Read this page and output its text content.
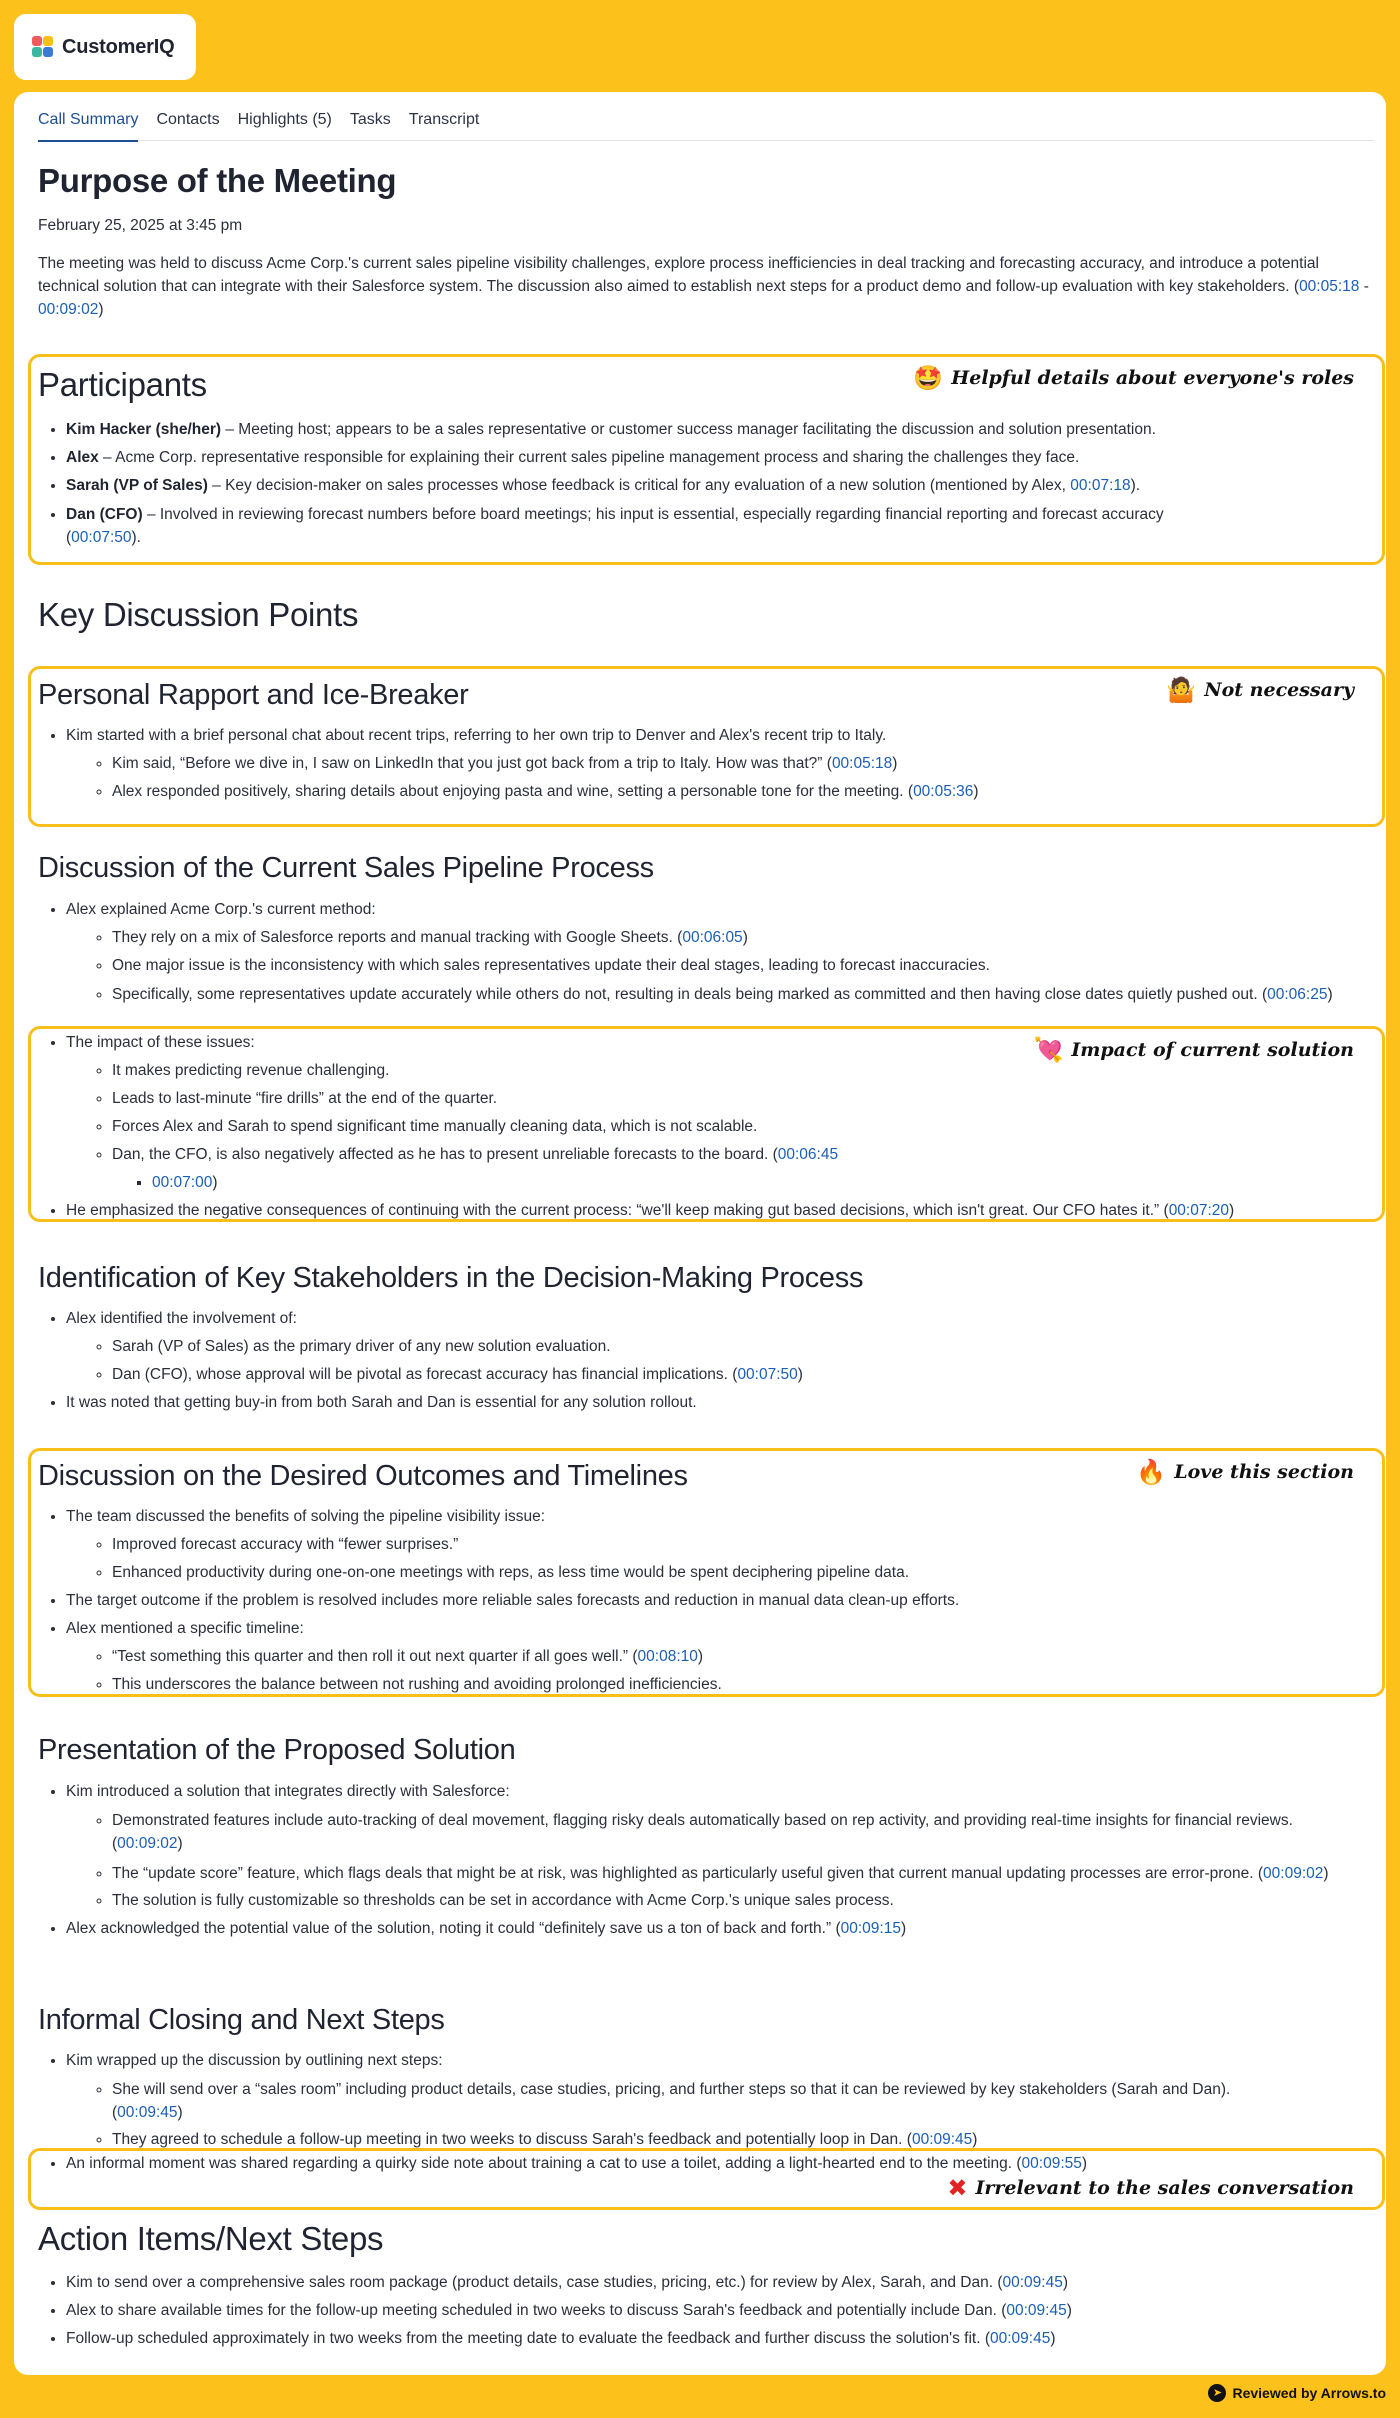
CustomerIQ
Call Summary Contacts	Highlights (5)	Tasks	Transcript
Purpose of the Meeting
February 25, 2025 at 3:45 pm
The meeting was held to discuss Acme Corp.'s current sales pipeline visibility challenges, explore process inefficiencies in deal tracking and forecasting accuracy, and introduce a potential technical solution that can integrate with their Salesforce system. The discussion also aimed to establish next steps for a product demo and follow-up evaluation with key stakeholders. (00:05:18 - 00:09:02)
🤩 Helpful details about everyone's roles
Participants
• Kim Hacker (she/her) – Meeting host; appears to be a sales representative or customer success manager facilitating the discussion and solution presentation.
• Alex – Acme Corp. representative responsible for explaining their current sales pipeline management process and sharing the challenges they face.
• Sarah (VP of Sales) – Key decision-maker on sales processes whose feedback is critical for any evaluation of a new solution (mentioned by Alex, 00:07:18).
• Dan (CFO) – Involved in reviewing forecast numbers before board meetings; his input is essential, especially regarding financial reporting and forecast accuracy
(00:07:50).
Key Discussion Points
🤷 Not necessary
Personal Rapport and Ice-Breaker
• Kim started with a brief personal chat about recent trips, referring to her own trip to Denver and Alex's recent trip to Italy.
◦ Kim said, “Before we dive in, I saw on LinkedIn that you just got back from a trip to Italy. How was that?” (00:05:18)
◦ Alex responded positively, sharing details about enjoying pasta and wine, setting a personable tone for the meeting. (00:05:36)
Discussion of the Current Sales Pipeline Process
• Alex explained Acme Corp.'s current method:
◦ They rely on a mix of Salesforce reports and manual tracking with Google Sheets. (00:06:05)
◦ One major issue is the inconsistency with which sales representatives update their deal stages, leading to forecast inaccuracies.
◦ Specifically, some representatives update accurately while others do not, resulting in deals being marked as committed and then having close dates quietly pushed out. (00:06:25)
💘 Impact of current solution
• The impact of these issues:
◦ It makes predicting revenue challenging.
◦ Leads to last-minute “fire drills” at the end of the quarter.
◦ Forces Alex and Sarah to spend significant time manually cleaning data, which is not scalable.
◦ Dan, the CFO, is also negatively affected as he has to present unreliable forecasts to the board. (00:06:45
▪ 00:07:00)
• He emphasized the negative consequences of continuing with the current process: “we'll keep making gut based decisions, which isn't great. Our CFO hates it.” (00:07:20)
Identification of Key Stakeholders in the Decision-Making Process
• Alex identified the involvement of:
◦ Sarah (VP of Sales) as the primary driver of any new solution evaluation.
◦ Dan (CFO), whose approval will be pivotal as forecast accuracy has financial implications. (00:07:50)
• It was noted that getting buy-in from both Sarah and Dan is essential for any solution rollout.
🔥 Love this section
Discussion on the Desired Outcomes and Timelines
• The team discussed the benefits of solving the pipeline visibility issue:
◦ Improved forecast accuracy with “fewer surprises.”
◦ Enhanced productivity during one-on-one meetings with reps, as less time would be spent deciphering pipeline data.
• The target outcome if the problem is resolved includes more reliable sales forecasts and reduction in manual data clean-up efforts.
• Alex mentioned a specific timeline:
◦ “Test something this quarter and then roll it out next quarter if all goes well.” (00:08:10)
◦ This underscores the balance between not rushing and avoiding prolonged inefficiencies.
Presentation of the Proposed Solution
• Kim introduced a solution that integrates directly with Salesforce:
◦ Demonstrated features include auto-tracking of deal movement, flagging risky deals automatically based on rep activity, and providing real-time insights for financial reviews. (00:09:02)
◦ The “update score” feature, which flags deals that might be at risk, was highlighted as particularly useful given that current manual updating processes are error-prone. (00:09:02)
◦ The solution is fully customizable so thresholds can be set in accordance with Acme Corp.'s unique sales process.
• Alex acknowledged the potential value of the solution, noting it could “definitely save us a ton of back and forth.” (00:09:15)
Informal Closing and Next Steps
• Kim wrapped up the discussion by outlining next steps:
◦ She will send over a “sales room” including product details, case studies, pricing, and further steps so that it can be reviewed by key stakeholders (Sarah and Dan).
(00:09:45)
◦ They agreed to schedule a follow-up meeting in two weeks to discuss Sarah's feedback and potentially loop in Dan. (00:09:45)
• An informal moment was shared regarding a quirky side note about training a cat to use a toilet, adding a light-hearted end to the meeting. (00:09:55)
✖ Irrelevant to the sales conversation
Action Items/Next Steps
• Kim to send over a comprehensive sales room package (product details, case studies, pricing, etc.) for review by Alex, Sarah, and Dan. (00:09:45)
• Alex to share available times for the follow-up meeting scheduled in two weeks to discuss Sarah's feedback and potentially include Dan. (00:09:45)
• Follow-up scheduled approximately in two weeks from the meeting date to evaluate the feedback and further discuss the solution's fit. (00:09:45)
➤ Reviewed by Arrows.to
